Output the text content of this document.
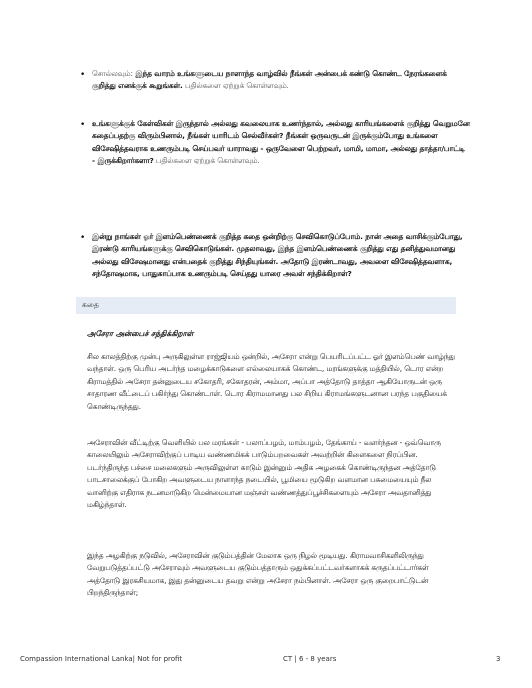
• சொல்லவும்: இந்த வாரம் உங்களுடைய நாளாந்த வாழ்வில் நீங்கள் அன்பைக் கண்டு கொண்ட நேரங்களைக் குறித்து எனக்குக் கூறுங்கள். பதில்களை ஏற்றுக் கொள்ளவும்.

• உங்களுக்குக் கேள்விகள் இருந்தால் அல்லது கவலையாக உணர்ந்தால், அல்லது காரியங்களைக் குறித்து வெறுமனே கதைப்பதற்கு விரும்பினால், நீங்கள் யாரிடம் செல்வீர்கள்? நீங்கள் ஒருவருடன் இருக்கும்போது உங்களை விசேஷித்தவராக உணரும்படி செய்பவர் யாராவது - ஒருவேளை பெற்றவர், மாமி, மாமா, அல்லது தாத்தா/பாட்டி - இருக்கிறார்களா? பதில்களை ஏற்றுக் கொள்ளவும்.

• இன்று நாங்கள் ஓர் இளம்பெண்ணைக் குறித்த கதை ஒன்றிற்கு செவிகொடுப்போம். நான் அதை வாசிக்கும்போது, இரண்டு காரியங்களுக்கு செவிகொடுங்கள். முதலாவது, இந்த இளம்பெண்ணைக் குறித்து எது தனித்துவமானது அல்லது விசேஷமானது என்பதைக் குறித்து சிந்தியுங்கள். அதோடு இரண்டாவது, அவளை விசேஷித்தவளாக, சந்தோஷமாக, பாதுகாப்பாக உணரும்படி செய்தது யாரை அவள் சந்திக்கிறாள்?

கதை
அசேரா அன்பைச் சந்திக்கிறாள்

சில காலத்திற்கு முன்பு அருகிலுள்ள ராஜ்ஜியம் ஒன்றில், அசேரா என்று பெயரிடப்பட்ட ஓர் இளம்பெண் வாழ்ந்து வந்தாள். ஒரு பெரிய அடர்ந்த மழைக்காடுகளை எல்லையாகக் கொண்ட, மரங்களுக்கு மத்தியில், டொர என்ற கிராமத்தில் அசேரா தன்னுடைய சகோதரி, சகோதரன், அம்மா, அப்பா அத்தோடு தாத்தா ஆகியோருடன் ஒரு சாதாரண வீட்டைப் பகிர்ந்து கொண்டாள். டொர கிராமமானது பல சிறிய கிராமங்களுடனான பரந்த பகுதியைக் கொண்டிருந்தது.

அசேராவின் வீட்டிற்கு வெளியில் பல மரங்கள் - பலாப்பழம், மாம்பழம், தேங்காய் - வளர்ந்தன - ஒவ்வொரு காலையிலும் அசேராவிற்குப் பாடிய வண்ணமிகக் பாடும்பறவைகள் அவற்றின் கிளைகளை நிரப்பின. படர்ந்திருந்த பச்சை மலைகளும் அருவிலுள்ள காடும் இன்னும் அதிக அழகைக் கொண்டிருந்தன அத்தோடு பாடசாலைக்குப் போகிற அவளுடைய நாளாந்த நடையில், பூமியை மூடுகிற வளமான பசுமையையும் நீல வானிற்கு எதிராக நடனமாடுகிற மென்மையான மஞ்சள் வண்ணத்துப்பூச்சிகளையும் அசேரா அவதானித்து மகிழ்ந்தாள்.

இந்த அழகிற்கு நடுவில், அசேராவின் குடும்பத்தின் மேலாக ஒரு நிழல் மூடியது. கிராமவாசிகளிலிருந்து வேறுபடுத்தப்பட்டு அசேராவும் அவளுடைய குடும்பத்தாரும் ஒதுக்கப்பட்டவர்களாகக் கருதப்பட்டார்கள் அத்தோடு இரகசியமாக, இது தன்னுடைய தவறு என்று அசேரா நம்பினாள். அசேரா ஒரு குறைபாட்டுடன் பிறந்திருந்தாள்;

Compassion International Lanka| Not for profit	CT | 6 - 8 years	3
